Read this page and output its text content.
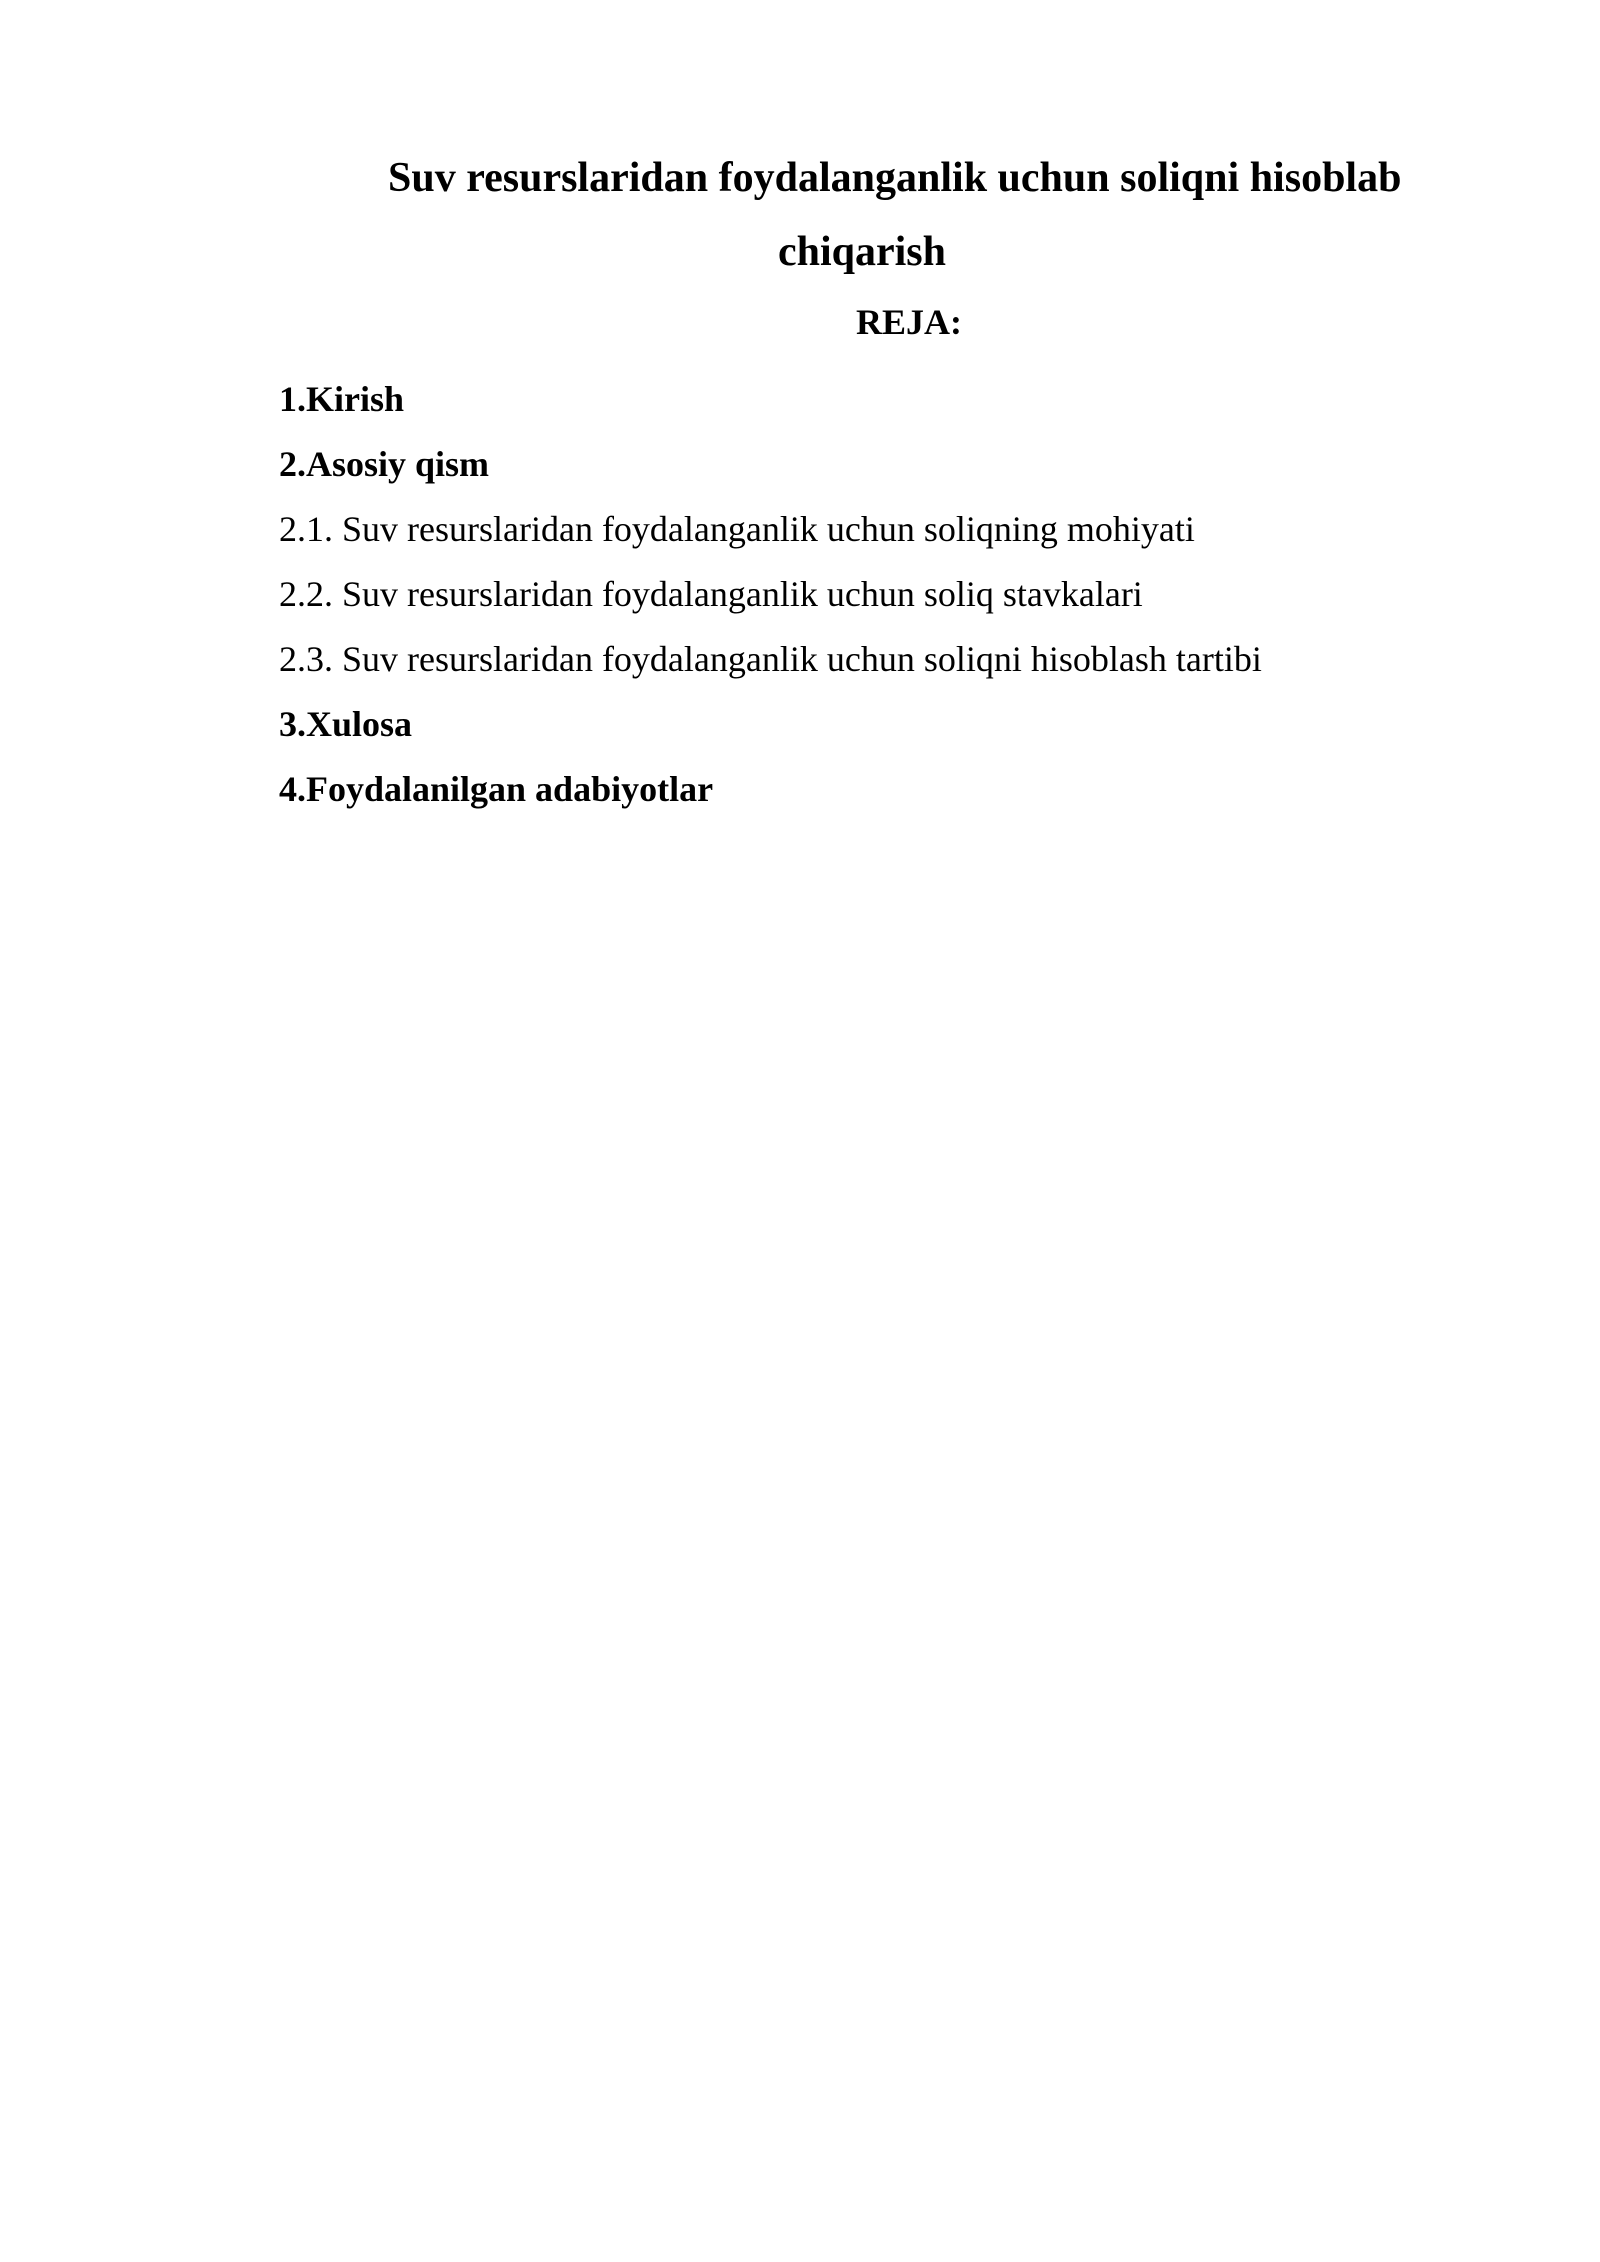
Suv resurslaridan foydalanganlik uchun soliqni hisoblab
chiqarish
REJA:
1.Kirish
2.Asosiy qism
2.1. Suv resurslaridan foydalanganlik uchun soliqning mohiyati
2.2. Suv resurslaridan foydalanganlik uchun soliq stavkalari
2.3. Suv resurslaridan foydalanganlik uchun soliqni hisoblash tartibi
3.Xulosa
4.Foydalanilgan adabiyotlar
